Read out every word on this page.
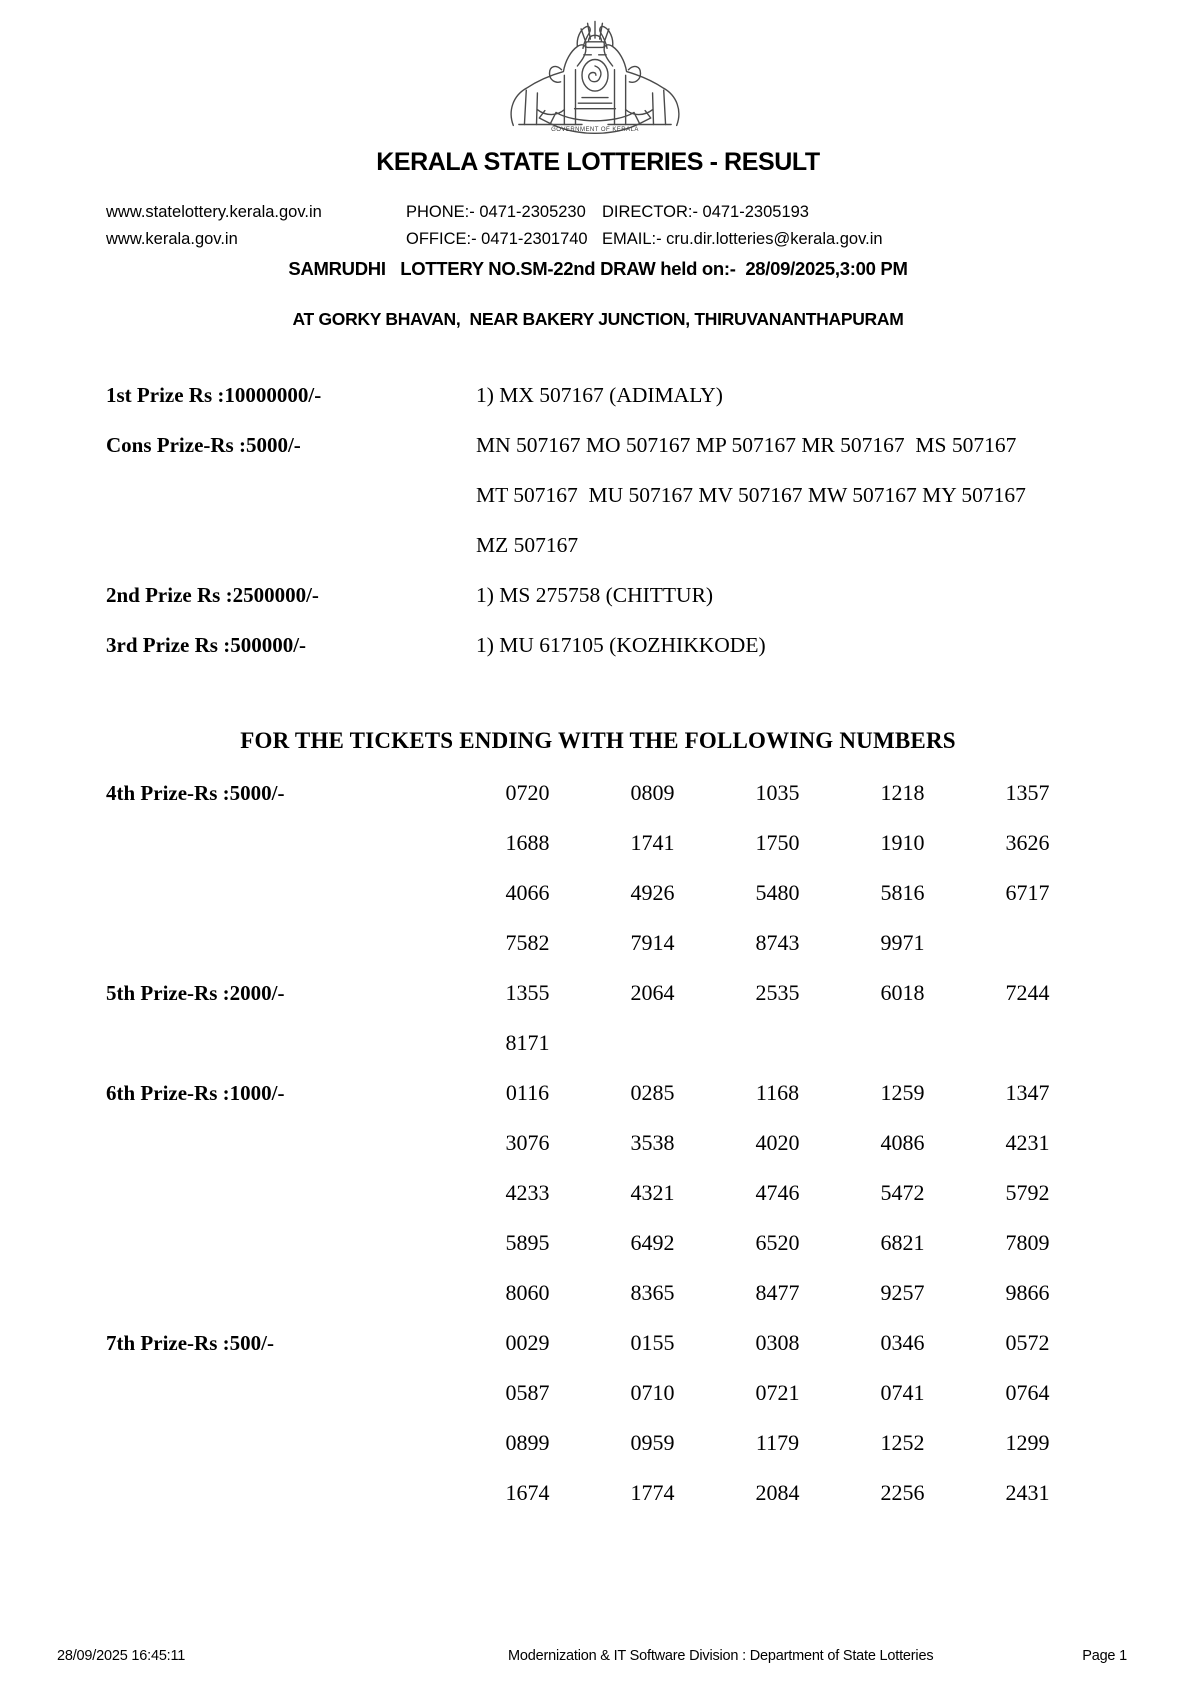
GOVERNMENT OF KERALA
KERALA STATE LOTTERIES - RESULT
www.statelottery.kerala.gov.in	PHONE:- 0471-2305230 DIRECTOR:- 0471-2305193
www.kerala.gov.in	OFFICE:- 0471-2301740 EMAIL:- cru.dir.lotteries@kerala.gov.in
SAMRUDHI   LOTTERY NO.SM-22nd DRAW held on:-  28/09/2025,3:00 PM
AT GORKY BHAVAN,  NEAR BAKERY JUNCTION, THIRUVANANTHAPURAM
1st Prize Rs :10000000/-	1) MX 507167 (ADIMALY)
Cons Prize-Rs :5000/-	MN 507167 MO 507167 MP 507167 MR 507167  MS 507167
MT 507167  MU 507167 MV 507167 MW 507167 MY 507167
MZ 507167
2nd Prize Rs :2500000/-	1) MS 275758 (CHITTUR)
3rd Prize Rs :500000/-	1) MU 617105 (KOZHIKKODE)
FOR THE TICKETS ENDING WITH THE FOLLOWING NUMBERS
4th Prize-Rs :5000/-	0720	0809	1035	1218	1357
1688	1741	1750	1910	3626
4066	4926	5480	5816	6717
7582	7914	8743	9971
5th Prize-Rs :2000/-	1355	2064	2535	6018	7244
8171
6th Prize-Rs :1000/-	0116	0285	1168	1259	1347
3076	3538	4020	4086	4231
4233	4321	4746	5472	5792
5895	6492	6520	6821	7809
8060	8365	8477	9257	9866
7th Prize-Rs :500/-	0029	0155	0308	0346	0572
0587	0710	0721	0741	0764
0899	0959	1179	1252	1299
1674	1774	2084	2256	2431
28/09/2025 16:45:11	Modernization & IT Software Division : Department of State Lotteries	Page 1
